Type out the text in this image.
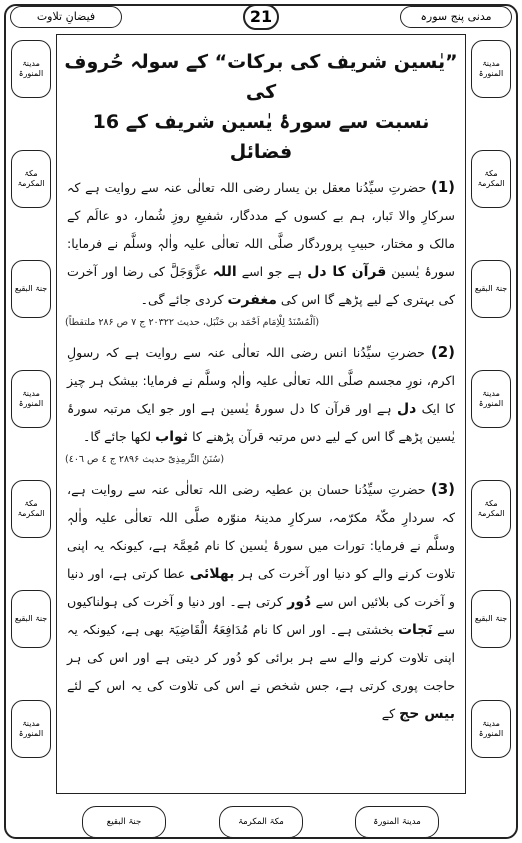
فیضانِ تلاوت	21	مدنی پنج سورہ
مدینۃ المنورۃ
مکۃ المکرمۃ
جنۃ البقیع
مدینۃ المنورۃ
مکۃ المکرمۃ
جنۃ البقیع
مدینۃ المنورۃ
مدینۃ المنورۃ
مکۃ المکرمۃ
جنۃ البقیع
مدینۃ المنورۃ
مکۃ المکرمۃ
جنۃ البقیع
مدینۃ المنورۃ
”یٰسین شریف کی برکات“ کے سولہ حُروف کی
نسبت سے سورۂ یٰسین شریف کے 16 فضائل
(1) حضرتِ سیِّدُنا معقل بن یسار رضی اللہ تعالٰی عنہ سے روایت ہے کہ سرکارِ والا تَبار، ہم بے کسوں کے مددگار، شفیعِ روزِ شُمار، دو عالَم کے مالک و مختار، حبیبِ پروردگار صلَّی اللہ تعالٰی علیہ واٰلہٖ وسلَّم نے فرمایا: سورۂ یٰسین قرآن کا دل ہے جو اسے اللہ عزَّوَجَلَّ کی رضا اور آخرت کی بہتری کے لیے پڑھے گا اس کی مغفرت کردی جائے گی۔
(اَلْمُسْنَدُ لِلْاِمَام اَحْمَد بن حَنْبَل، حدیث ۲۰۳۲۲ ج ۷ ص ۲۸۶ ملتقطاً)
(2) حضرتِ سیِّدُنا انس رضی اللہ تعالٰی عنہ سے روایت ہے کہ رسولِ اکرم، نورِ مجسم صلَّی اللہ تعالٰی علیہ واٰلہٖ وسلَّم نے فرمایا: بیشک ہر چیز کا ایک دل ہے اور قرآن کا دل سورۂ یٰسین ہے اور جو ایک مرتبہ سورۂ یٰسین پڑھے گا اس کے لیے دس مرتبہ قرآن پڑھنے کا ثواب لکھا جائے گا۔
(سُنَنُ التِّرمِذِیّ حدیث ۲۸۹۶ ج ٤ ص ٤٠٦)
(3) حضرتِ سیِّدُنا حسان بن عطیہ رضی اللہ تعالٰی عنہ سے روایت ہے، کہ سردارِ مکّۂ مکرّمہ، سرکارِ مدینۂ منوّرہ صلَّی اللہ تعالٰی علیہ واٰلہٖ وسلَّم نے فرمایا: تورات میں سورۂ یٰسین کا نام مُعِمَّۃ ہے، کیونکہ یہ اپنی تلاوت کرنے والے کو دنیا اور آخرت کی ہر بھلائی عطا کرتی ہے، اور دنیا و آخرت کی بلائیں اس سے دُور کرتی ہے۔ اور دنیا و آخرت کی ہولناکیوں سے نَجات بخشتی ہے۔ اور اس کا نام مُدَافِعَۃُ الْقَاضِیَۃ بھی ہے، کیونکہ یہ اپنی تلاوت کرنے والے سے ہر برائی کو دُور کر دیتی ہے اور اس کی ہر حاجت پوری کرتی ہے، جس شخص نے اس کی تلاوت کی یہ اس کے لئے بیس حج کے
جنۃ البقیع	مکۃ المکرمۃ	مدینۃ المنورۃ
